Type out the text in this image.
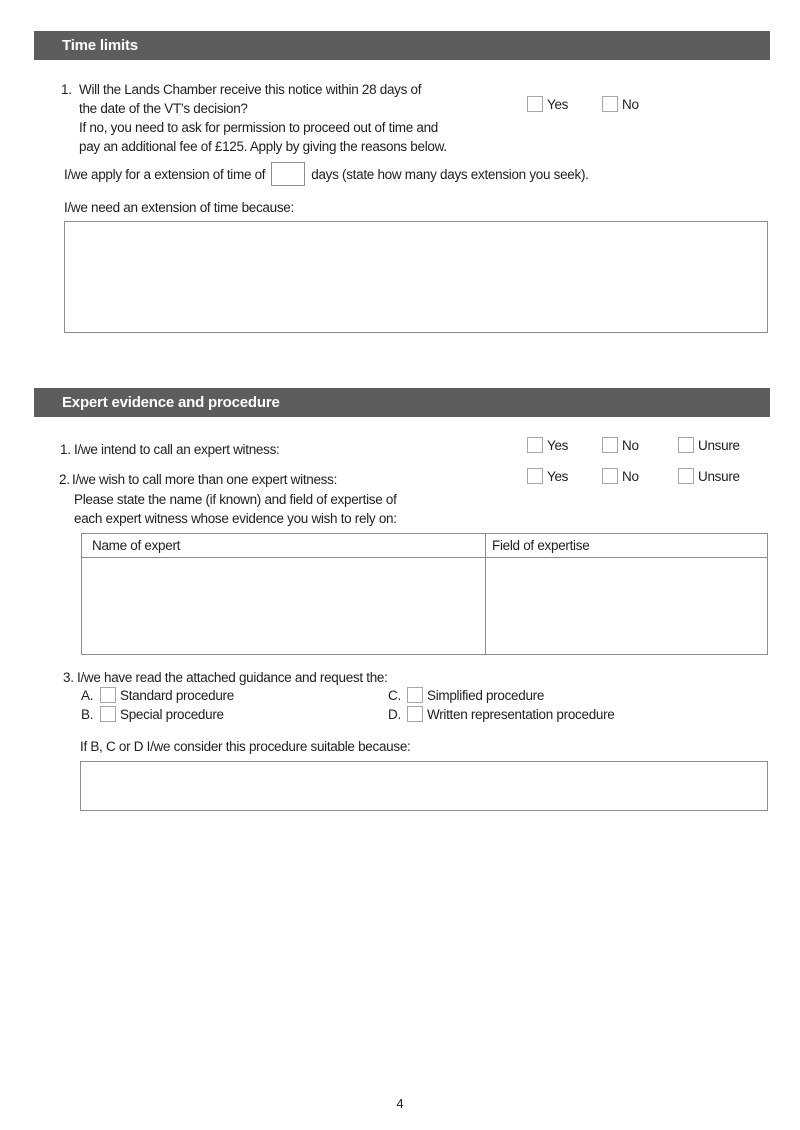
Time limits
1. Will the Lands Chamber receive this notice within 28 days of
the date of the VT’s decision?
If no, you need to ask for permission to proceed out of time and
pay an additional fee of £125. Apply by giving the reasons below.
Yes	No
I/we apply for a extension of time of	days (state how many days extension you seek).
I/we need an extension of time because:
Expert evidence and procedure
1. I/we intend to call an expert witness:	Yes	No	Unsure
2. I/we wish to call more than one expert witness:	Yes	No	Unsure
Please state the name (if known) and field of expertise of
each expert witness whose evidence you wish to rely on:
Name of expert	Field of expertise
3. I/we have read the attached guidance and request the:
A. Standard procedure
B. Special procedure
C. Simplified procedure
D. Written representation procedure
If B, C or D I/we consider this procedure suitable because:
4
